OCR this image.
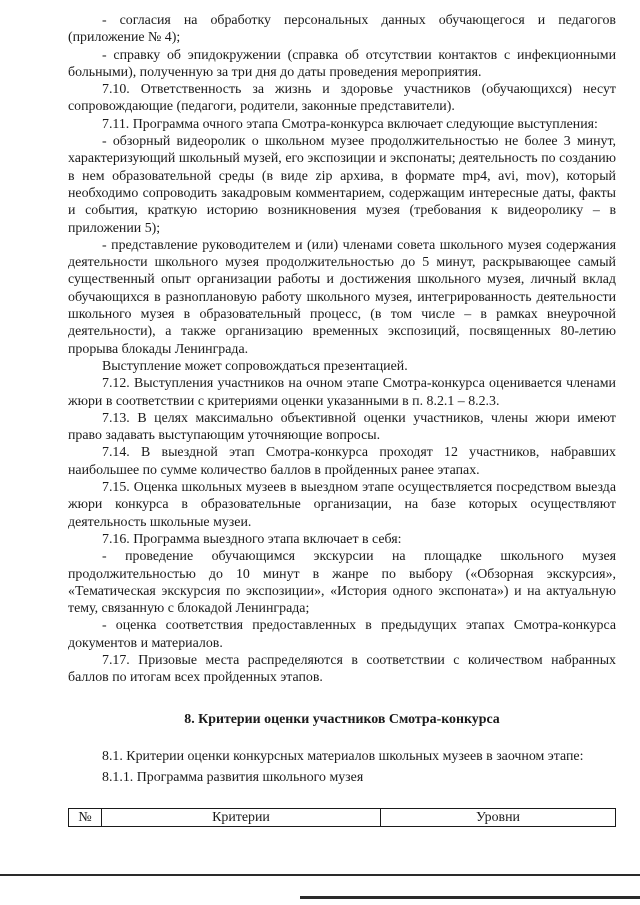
- согласия на обработку персональных данных обучающегося и педагогов (приложение № 4);

- справку об эпидокружении (справка об отсутствии контактов с инфекционными больными), полученную за три дня до даты проведения мероприятия.

7.10. Ответственность за жизнь и здоровье участников (обучающихся) несут сопровождающие (педагоги, родители, законные представители).

7.11. Программа очного этапа Смотра-конкурса включает следующие выступления:

- обзорный видеоролик о школьном музее продолжительностью не более 3 минут, характеризующий школьный музей, его экспозиции и экспонаты; деятельность по созданию в нем образовательной среды (в виде zip архива, в формате mp4, avi, mov), который необходимо сопроводить закадровым комментарием, содержащим интересные даты, факты и события, краткую историю возникновения музея (требования к видеоролику – в приложении 5);

- представление руководителем и (или) членами совета школьного музея содержания деятельности школьного музея продолжительностью до 5 минут, раскрывающее самый существенный опыт организации работы и достижения школьного музея, личный вклад обучающихся в разноплановую работу школьного музея, интегрированность деятельности школьного музея в образовательный процесс, (в том числе – в рамках внеурочной деятельности), а также организацию временных экспозиций, посвященных 80-летию прорыва блокады Ленинграда.

Выступление может сопровождаться презентацией.

7.12. Выступления участников на очном этапе Смотра-конкурса оценивается членами жюри в соответствии с критериями оценки указанными в п. 8.2.1 – 8.2.3.

7.13. В целях максимально объективной оценки участников, члены жюри имеют право задавать выступающим уточняющие вопросы.

7.14. В выездной этап Смотра-конкурса проходят 12 участников, набравших наибольшее по сумме количество баллов в пройденных ранее этапах.

7.15. Оценка школьных музеев в выездном этапе осуществляется посредством выезда жюри конкурса в образовательные организации, на базе которых осуществляют деятельность школьные музеи.

7.16. Программа выездного этапа включает в себя:

- проведение обучающимся экскурсии на площадке школьного музея продолжительностью до 10 минут в жанре по выбору («Обзорная экскурсия», «Тематическая экскурсия по экспозиции», «История одного экспоната») и на актуальную тему, связанную с блокадой Ленинграда;

- оценка соответствия предоставленных в предыдущих этапах Смотра-конкурса документов и материалов.

7.17. Призовые места распределяются в соответствии с количеством набранных баллов по итогам всех пройденных этапов.

8. Критерии оценки участников Смотра-конкурса

8.1. Критерии оценки конкурсных материалов школьных музеев в заочном этапе:

8.1.1. Программа развития школьного музея

№	Критерии	Уровни
